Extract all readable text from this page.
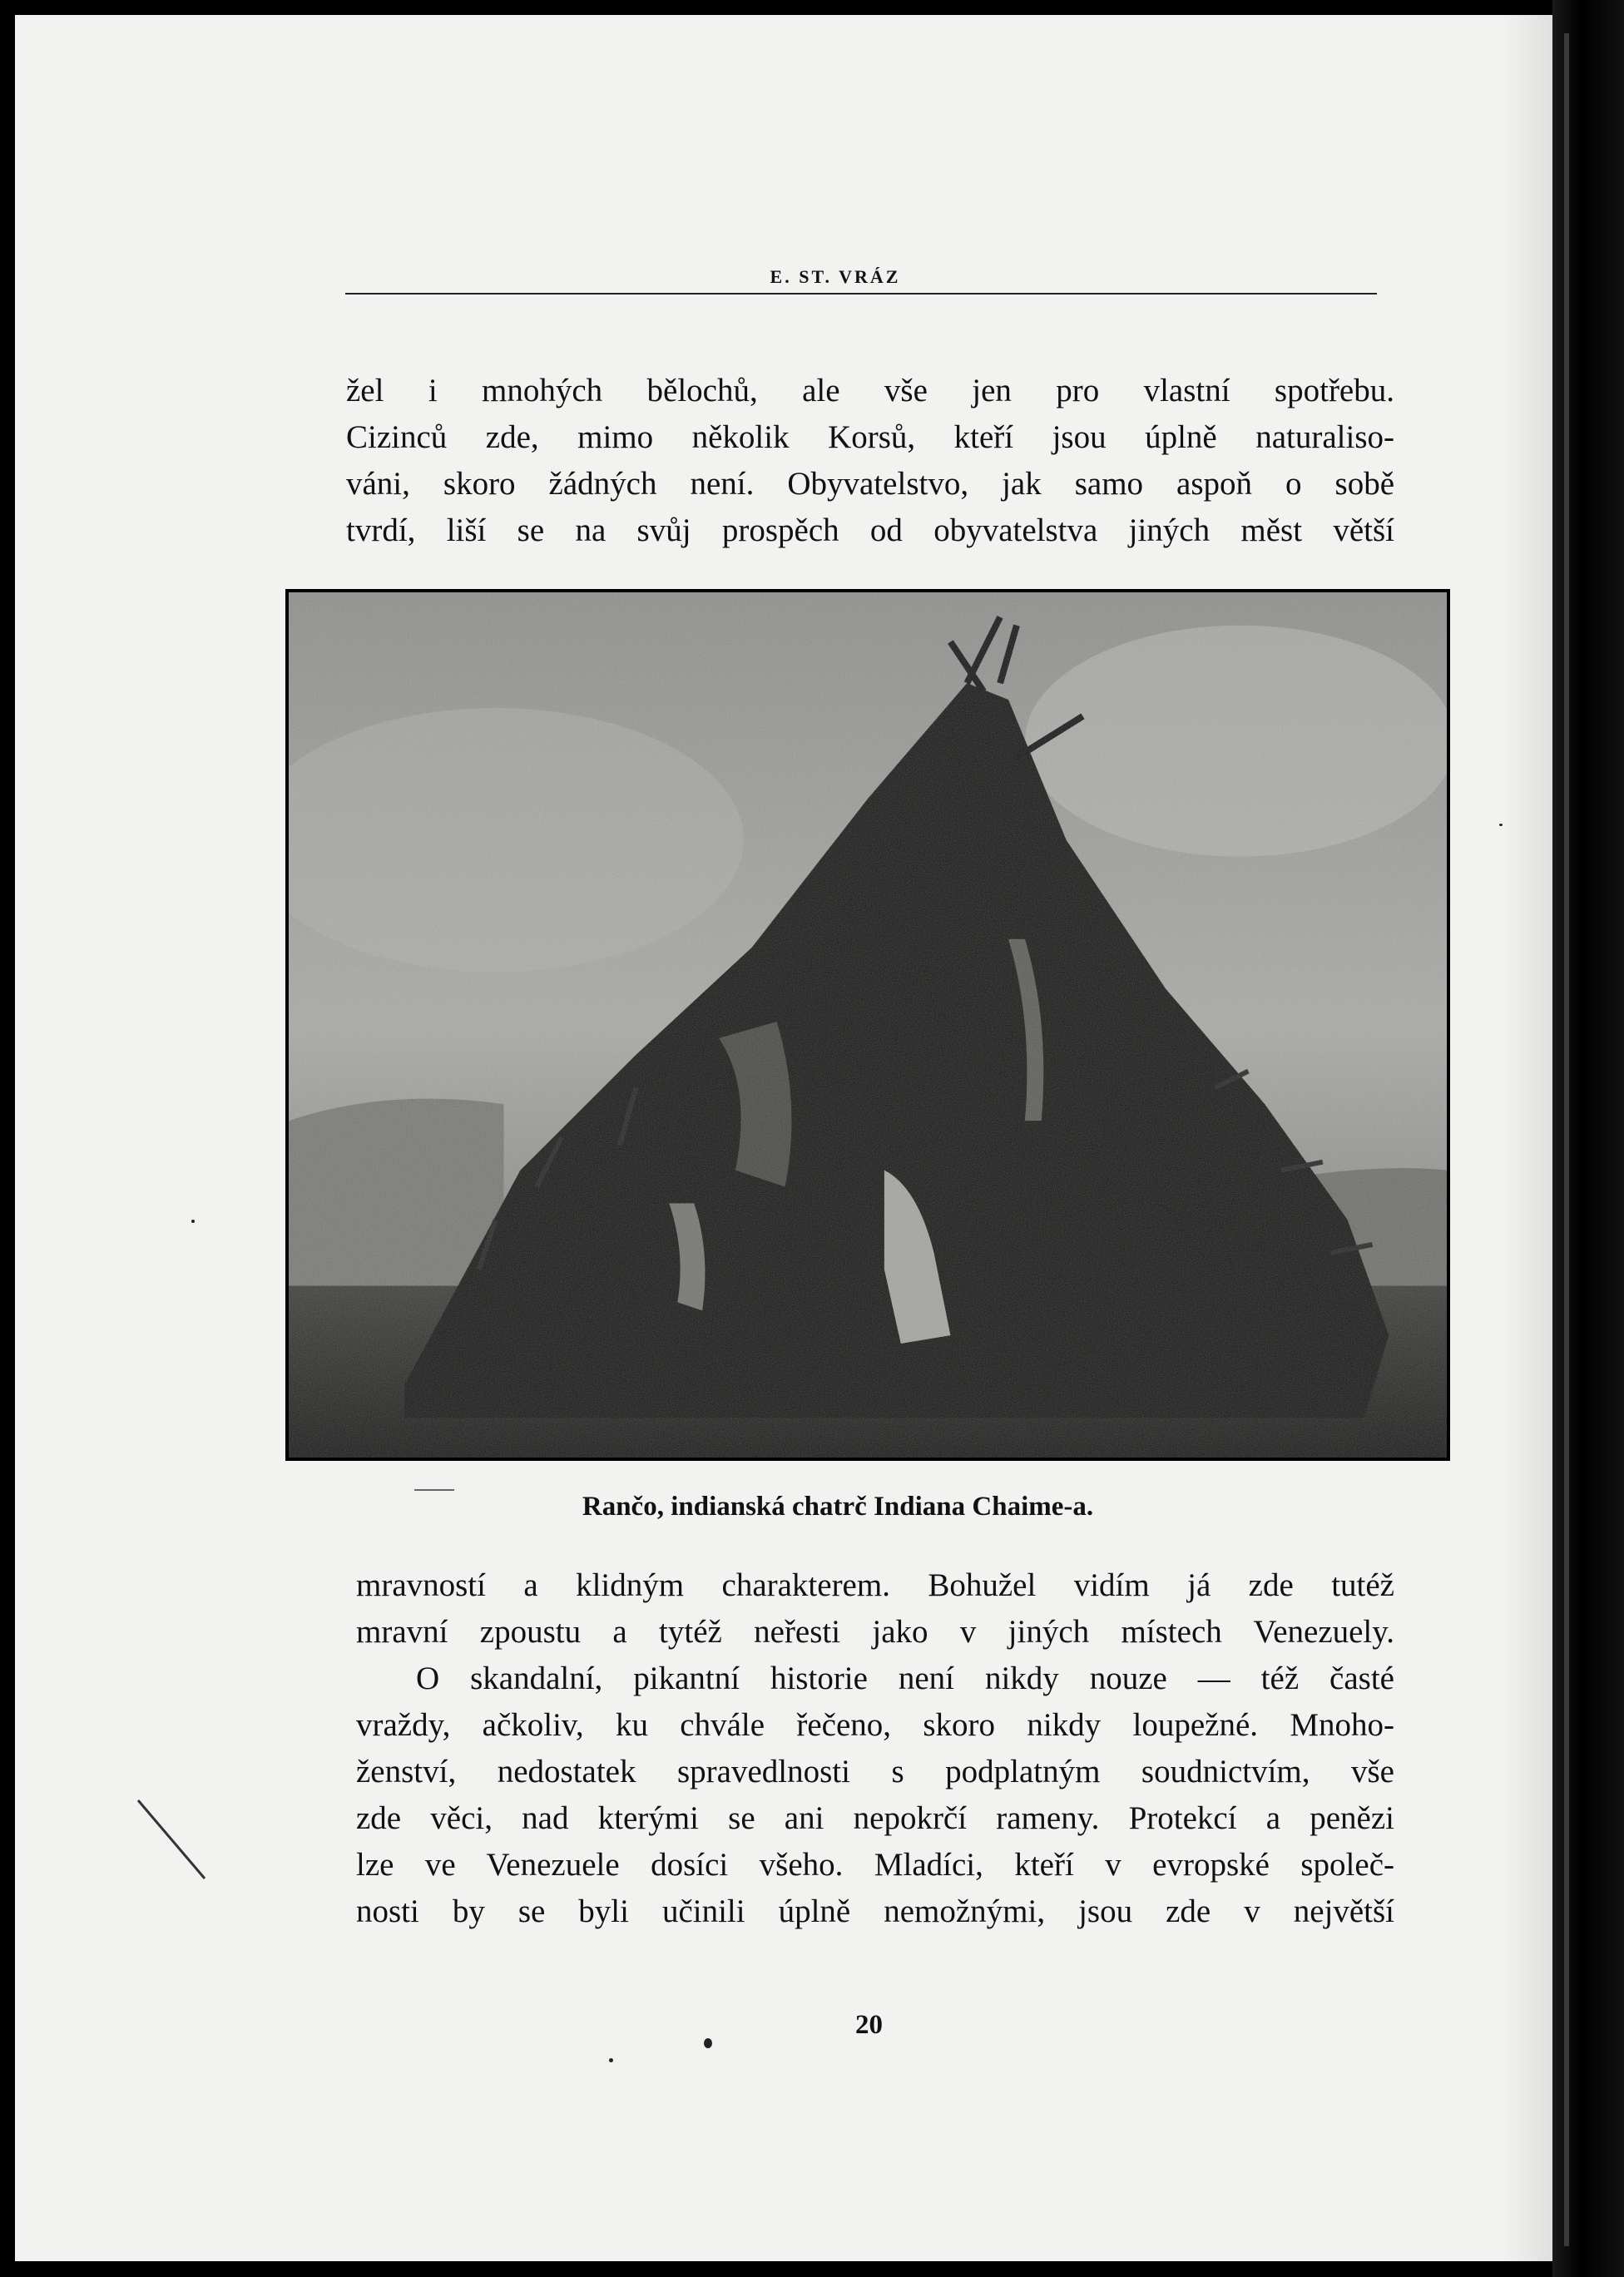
E. ST. VRÁZ
žel i mnohých bělochů, ale vše jen pro vlastní spotřebu.
Cizinců zde, mimo několik Korsů, kteří jsou úplně naturaliso-
váni, skoro žádných není. Obyvatelstvo, jak samo aspoň o sobě
tvrdí, liší se na svůj prospěch od obyvatelstva jiných měst větší
Rančo, indianská chatrč Indiana Chaime-a.
mravností a klidným charakterem. Bohužel vidím já zde tutéž
mravní zpoustu a tytéž neřesti jako v jiných místech Venezuely.
O skandalní, pikantní historie není nikdy nouze — též časté
vraždy, ačkoliv, ku chvále řečeno, skoro nikdy loupežné. Mnoho-
ženství, nedostatek spravedlnosti s podplatným soudnictvím, vše
zde věci, nad kterými se ani nepokrčí rameny. Protekcí a penězi
lze ve Venezuele dosíci všeho. Mladíci, kteří v evropské společ-
nosti by se byli učinili úplně nemožnými, jsou zde v největší
20
